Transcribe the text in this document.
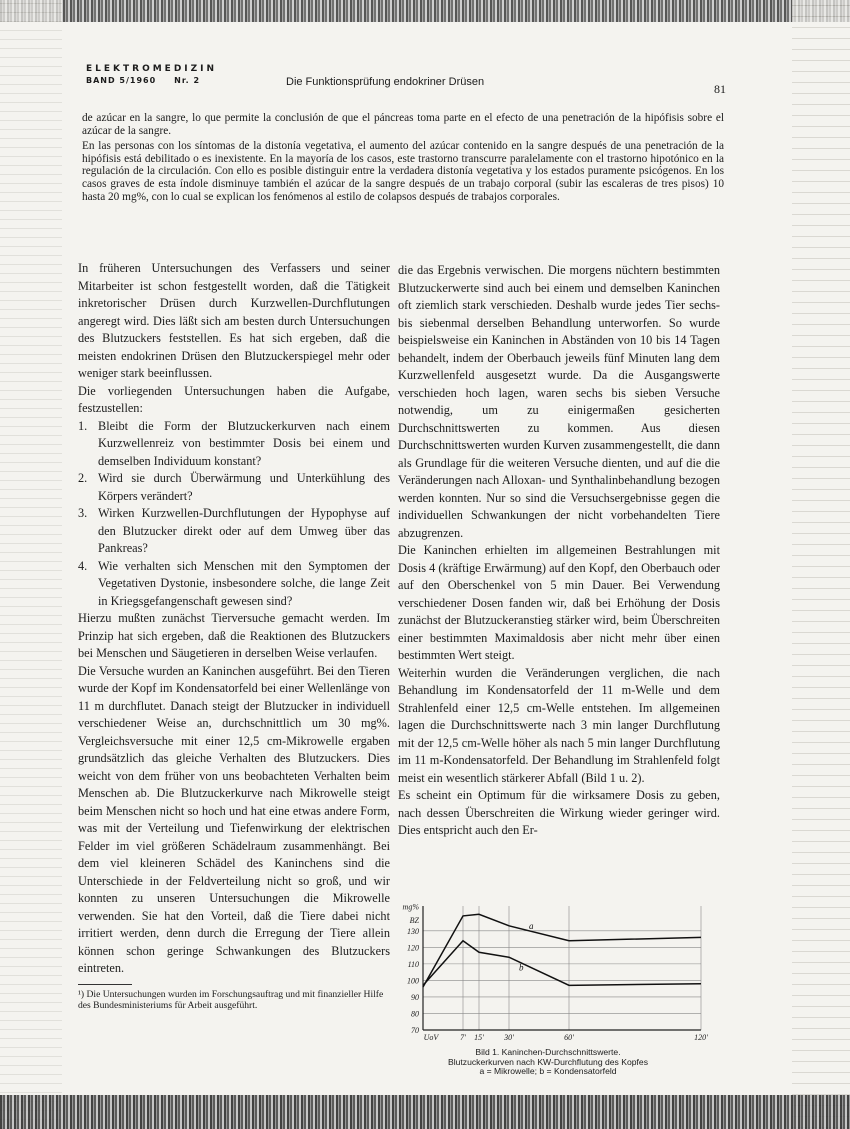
ELEKTROMEDIZIN
BAND 5/1960 Nr. 2	Die Funktionsprüfung endokriner Drüsen	81

de azúcar en la sangre, lo que permite la conclusión de que el páncreas toma parte en el efecto de una penetración de la hipófisis sobre el azúcar de la sangre.

En las personas con los síntomas de la distonía vegetativa, el aumento del azúcar contenido en la sangre después de una penetración de la hipófisis está debilitado o es inexistente. En la mayoría de los casos, este trastorno transcurre paralelamente con el trastorno hipotónico en la regulación de la circulación. Con ello es posible distinguir entre la verdadera distonía vegetativa y los estados puramente psicógenos. En los casos graves de esta índole disminuye también el azúcar de la sangre después de un trabajo corporal (subir las escaleras de tres pisos) 10 hasta 20 mg%, con lo cual se explican los fenómenos al estilo de colapsos después de trabajos corporales.

In früheren Untersuchungen des Verfassers und seiner Mitarbeiter ist schon festgestellt worden, daß die Tätigkeit inkretorischer Drüsen durch Kurzwellen-Durchflutungen angeregt wird. Dies läßt sich am besten durch Untersuchungen des Blutzuckers feststellen. Es hat sich ergeben, daß die meisten endokrinen Drüsen den Blutzuckerspiegel mehr oder weniger stark beeinflussen.

Die vorliegenden Untersuchungen haben die Aufgabe, festzustellen:

1. Bleibt die Form der Blutzuckerkurven nach einem Kurzwellenreiz von bestimmter Dosis bei einem und demselben Individuum konstant?
2. Wird sie durch Überwärmung und Unterkühlung des Körpers verändert?
3. Wirken Kurzwellen-Durchflutungen der Hypophyse auf den Blutzucker direkt oder auf dem Umweg über das Pankreas?
4. Wie verhalten sich Menschen mit den Symptomen der Vegetativen Dystonie, insbesondere solche, die lange Zeit in Kriegsgefangenschaft gewesen sind?

Hierzu mußten zunächst Tierversuche gemacht werden. Im Prinzip hat sich ergeben, daß die Reaktionen des Blutzuckers bei Menschen und Säugetieren in derselben Weise verlaufen.

Die Versuche wurden an Kaninchen ausgeführt. Bei den Tieren wurde der Kopf im Kondensatorfeld bei einer Wellenlänge von 11 m durchflutet. Danach steigt der Blutzucker in individuell verschiedener Weise an, durchschnittlich um 30 mg%. Vergleichsversuche mit einer 12,5 cm-Mikrowelle ergaben grundsätzlich das gleiche Verhalten des Blutzuckers. Dies weicht von dem früher von uns beobachteten Verhalten beim Menschen ab. Die Blutzuckerkurve nach Mikrowelle steigt beim Menschen nicht so hoch und hat eine etwas andere Form, was mit der Verteilung und Tiefenwirkung der elektrischen Felder im viel größeren Schädelraum zusammenhängt. Bei dem viel kleineren Schädel des Kaninchens sind die Unterschiede in der Feldverteilung nicht so groß, und wir konnten zu unseren Untersuchungen die Mikrowelle verwenden. Sie hat den Vorteil, daß die Tiere dabei nicht irritiert werden, denn durch die Erregung der Tiere allein können schon geringe Schwankungen des Blutzuckers eintreten.

¹) Die Untersuchungen wurden im Forschungsauftrag und mit finanzieller Hilfe des Bundesministeriums für Arbeit ausgeführt.

die das Ergebnis verwischen. Die morgens nüchtern bestimmten Blutzuckerwerte sind auch bei einem und demselben Kaninchen oft ziemlich stark verschieden. Deshalb wurde jedes Tier sechs- bis siebenmal derselben Behandlung unterworfen. So wurde beispielsweise ein Kaninchen in Abständen von 10 bis 14 Tagen behandelt, indem der Oberbauch jeweils fünf Minuten lang dem Kurzwellenfeld ausgesetzt wurde. Da die Ausgangswerte verschieden hoch lagen, waren sechs bis sieben Versuche notwendig, um zu einigermaßen gesicherten Durchschnittswerten zu kommen. Aus diesen Durchschnittswerten wurden Kurven zusammengestellt, die dann als Grundlage für die weiteren Versuche dienten, und auf die die Veränderungen nach Alloxan- und Synthalinbehandlung bezogen werden konnten. Nur so sind die Versuchsergebnisse gegen die individuellen Schwankungen der nicht vorbehandelten Tiere abzugrenzen.

Die Kaninchen erhielten im allgemeinen Bestrahlungen mit Dosis 4 (kräftige Erwärmung) auf den Kopf, den Oberbauch oder auf den Oberschenkel von 5 min Dauer. Bei Verwendung verschiedener Dosen fanden wir, daß bei Erhöhung der Dosis zunächst der Blutzuckeranstieg stärker wird, beim Überschreiten einer bestimmten Maximaldosis aber nicht mehr über einen bestimmten Wert steigt.

Weiterhin wurden die Veränderungen verglichen, die nach Behandlung im Kondensatorfeld der 11 m-Welle und dem Strahlenfeld einer 12,5 cm-Welle entstehen. Im allgemeinen lagen die Durchschnittswerte nach 3 min langer Durchflutung mit der 12,5 cm-Welle höher als nach 5 min langer Durchflutung im 11 m-Kondensatorfeld. Der Behandlung im Strahlenfeld folgt meist ein wesentlich stärkerer Abfall (Bild 1 u. 2).

Es scheint ein Optimum für die wirksamere Dosis zu geben, nach dessen Überschreiten die Wirkung wieder geringer wird. Dies entspricht auch den Er-

70
80
90
100
110
120
130
mg%
BZ
UoV	7' 15'	30'	60'	120'
a
b
Bild 1. Kaninchen-Durchschnittswerte.
Blutzuckerkurven nach KW-Durchflutung des Kopfes
a = Mikrowelle; b = Kondensatorfeld
